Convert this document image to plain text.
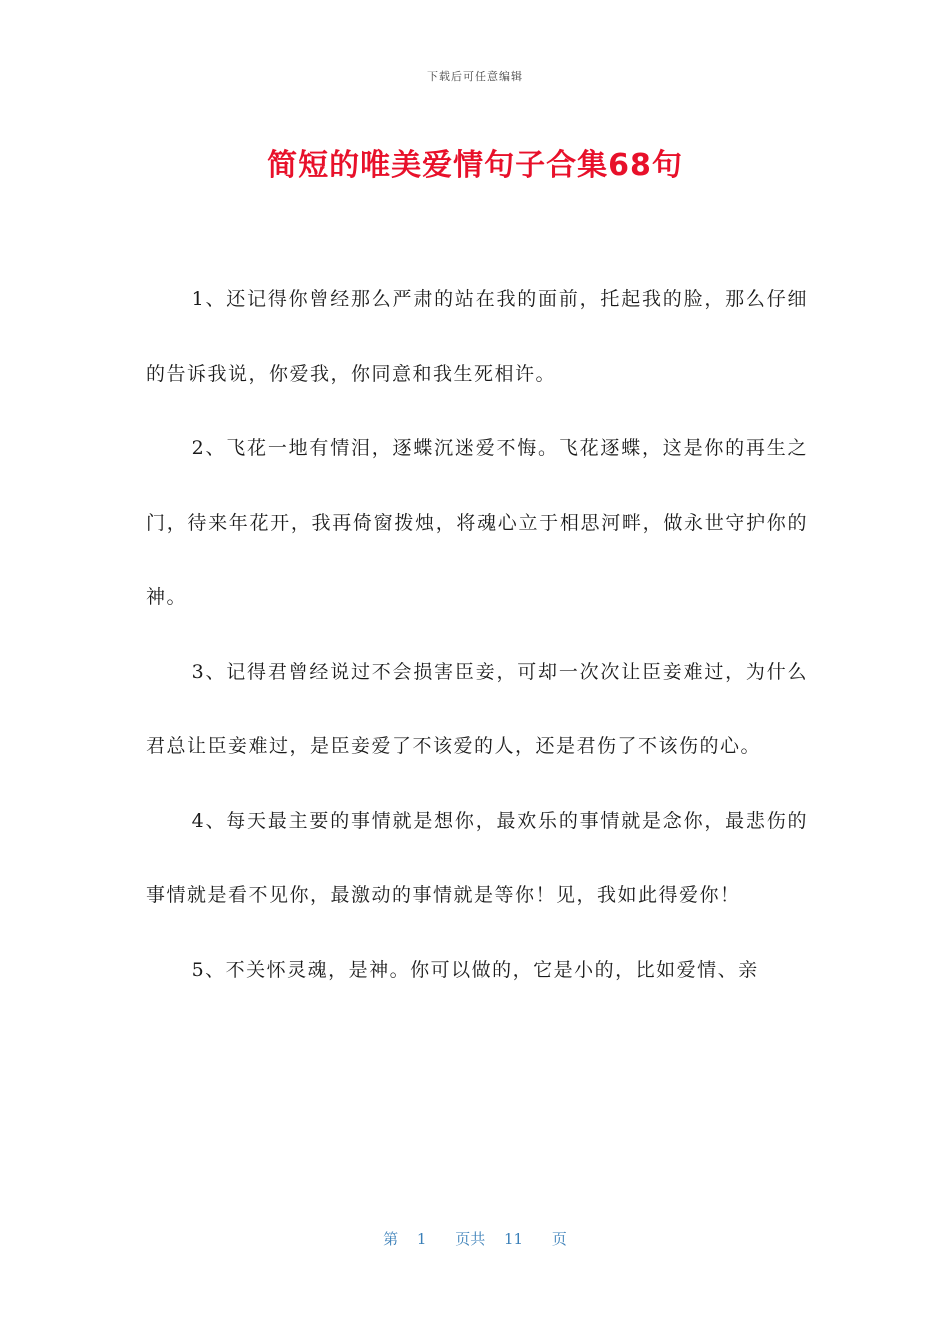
下载后可任意编辑
简短的唯美爱情句子合集68句

1、还记得你曾经那么严肃的站在我的面前，托起我的脸，那么仔细的告诉我说，你爱我，你同意和我生死相许。

2、飞花一地有情泪，逐蝶沉迷爱不悔。飞花逐蝶，这是你的再生之门，待来年花开，我再倚窗拨烛，将魂心立于相思河畔，做永世守护你的神。

3、记得君曾经说过不会损害臣妾，可却一次次让臣妾难过，为什么君总让臣妾难过，是臣妾爱了不该爱的人，还是君伤了不该伤的心。

4、每天最主要的事情就是想你，最欢乐的事情就是念你，最悲伤的事情就是看不见你，最激动的事情就是等你！见，我如此得爱你！

5、不关怀灵魂，是神。你可以做的，它是小的，比如爱情、亲

第 1 页共 11 页
